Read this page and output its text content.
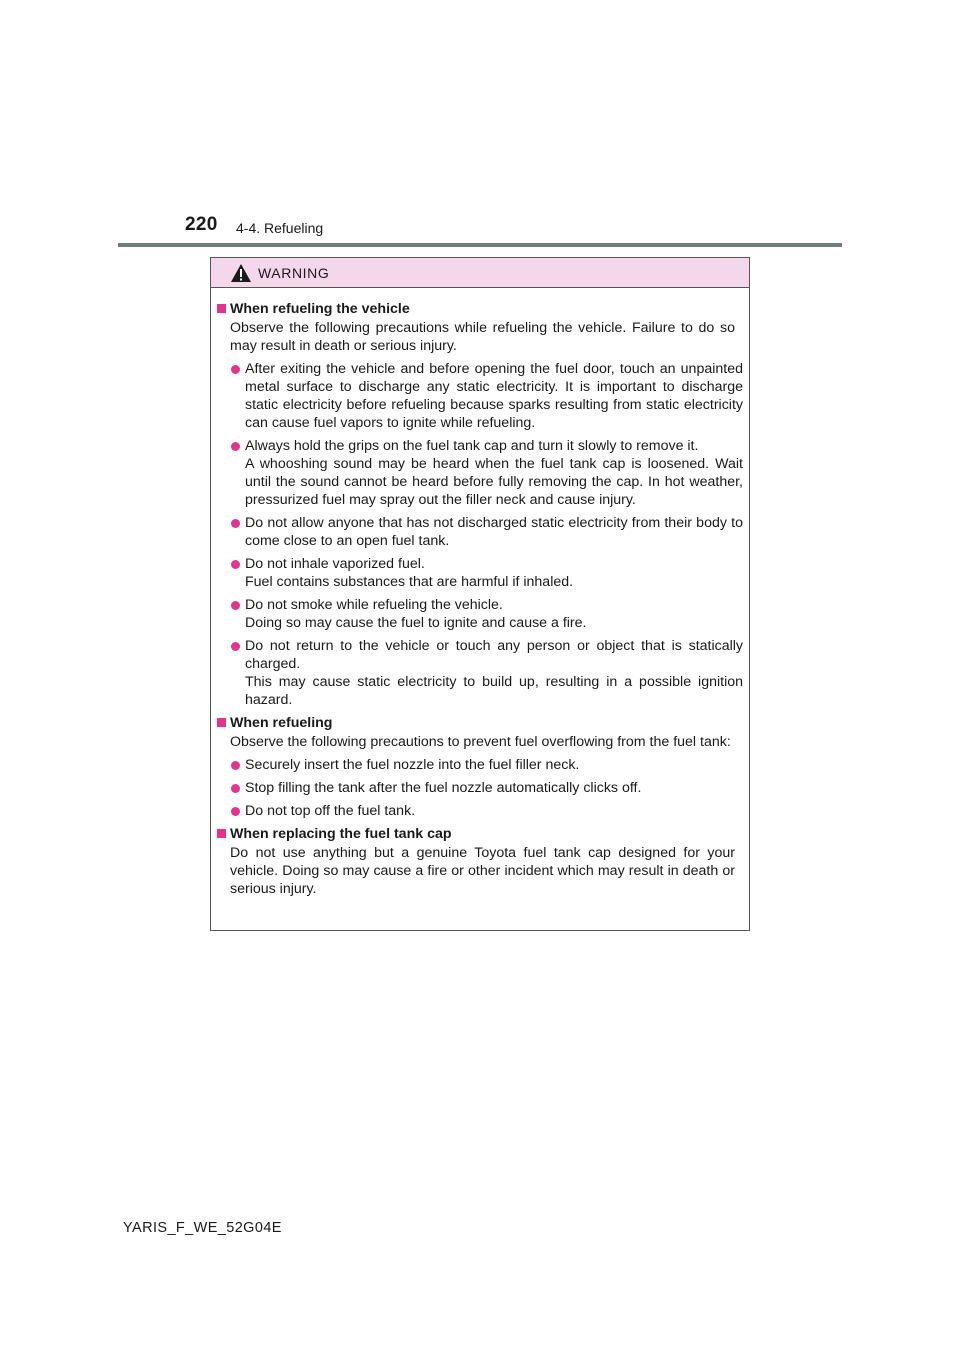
220 4-4. Refueling
WARNING
When refueling the vehicle
Observe the following precautions while refueling the vehicle. Failure to do so may result in death or serious injury.
After exiting the vehicle and before opening the fuel door, touch an unpainted metal surface to discharge any static electricity. It is important to discharge static electricity before refueling because sparks resulting from static electricity can cause fuel vapors to ignite while refueling.
Always hold the grips on the fuel tank cap and turn it slowly to remove it.
A whooshing sound may be heard when the fuel tank cap is loosened. Wait until the sound cannot be heard before fully removing the cap. In hot weather, pressurized fuel may spray out the filler neck and cause injury.
Do not allow anyone that has not discharged static electricity from their body to come close to an open fuel tank.
Do not inhale vaporized fuel.
Fuel contains substances that are harmful if inhaled.
Do not smoke while refueling the vehicle.
Doing so may cause the fuel to ignite and cause a fire.
Do not return to the vehicle or touch any person or object that is statically charged.
This may cause static electricity to build up, resulting in a possible ignition hazard.
When refueling
Observe the following precautions to prevent fuel overflowing from the fuel tank:
Securely insert the fuel nozzle into the fuel filler neck.
Stop filling the tank after the fuel nozzle automatically clicks off.
Do not top off the fuel tank.
When replacing the fuel tank cap
Do not use anything but a genuine Toyota fuel tank cap designed for your vehicle. Doing so may cause a fire or other incident which may result in death or serious injury.
YARIS_F_WE_52G04E
